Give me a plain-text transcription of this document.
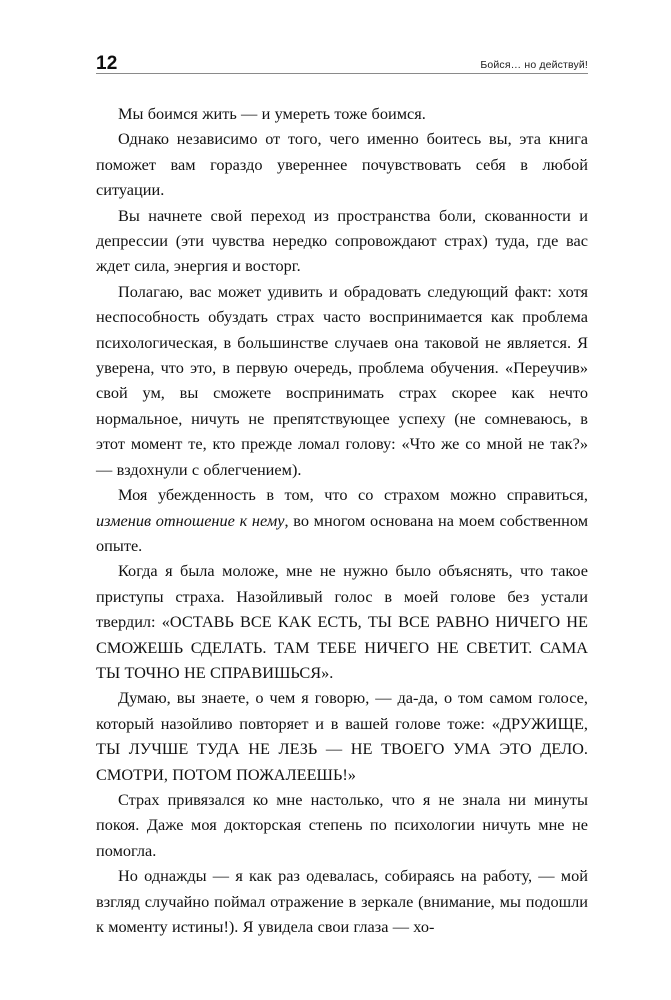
12	Бойся… но действуй!

Мы боимся жить — и умереть тоже боимся.

Однако независимо от того, чего именно боитесь вы, эта книга поможет вам гораздо увереннее почувствовать себя в любой ситуации.

Вы начнете свой переход из пространства боли, скованности и депрессии (эти чувства нередко сопровождают страх) туда, где вас ждет сила, энергия и восторг.

Полагаю, вас может удивить и обрадовать следующий факт: хотя неспособность обуздать страх часто воспринимается как проблема психологическая, в большинстве случаев она таковой не является. Я уверена, что это, в первую очередь, проблема обучения. «Переучив» свой ум, вы сможете воспринимать страх скорее как нечто нормальное, ничуть не препятствующее успеху (не сомневаюсь, в этот момент те, кто прежде ломал голову: «Что же со мной не так?» — вздохнули с облегчением).

Моя убежденность в том, что со страхом можно справиться, изменив отношение к нему, во многом основана на моем собственном опыте.

Когда я была моложе, мне не нужно было объяснять, что такое приступы страха. Назойливый голос в моей голове без устали твердил: «ОСТАВЬ ВСЕ КАК ЕСТЬ, ТЫ ВСЕ РАВНО НИЧЕГО НЕ СМОЖЕШЬ СДЕЛАТЬ. ТАМ ТЕБЕ НИЧЕГО НЕ СВЕТИТ. САМА ТЫ ТОЧНО НЕ СПРАВИШЬСЯ».

Думаю, вы знаете, о чем я говорю, — да-да, о том самом голосе, который назойливо повторяет и в вашей голове тоже: «ДРУЖИЩЕ, ТЫ ЛУЧШЕ ТУДА НЕ ЛЕЗЬ — НЕ ТВОЕГО УМА ЭТО ДЕЛО. СМОТРИ, ПОТОМ ПОЖАЛЕЕШЬ!»

Страх привязался ко мне настолько, что я не знала ни минуты покоя. Даже моя докторская степень по психологии ничуть мне не помогла.

Но однажды — я как раз одевалась, собираясь на работу, — мой взгляд случайно поймал отражение в зеркале (внимание, мы подошли к моменту истины!). Я увидела свои глаза — хо-
